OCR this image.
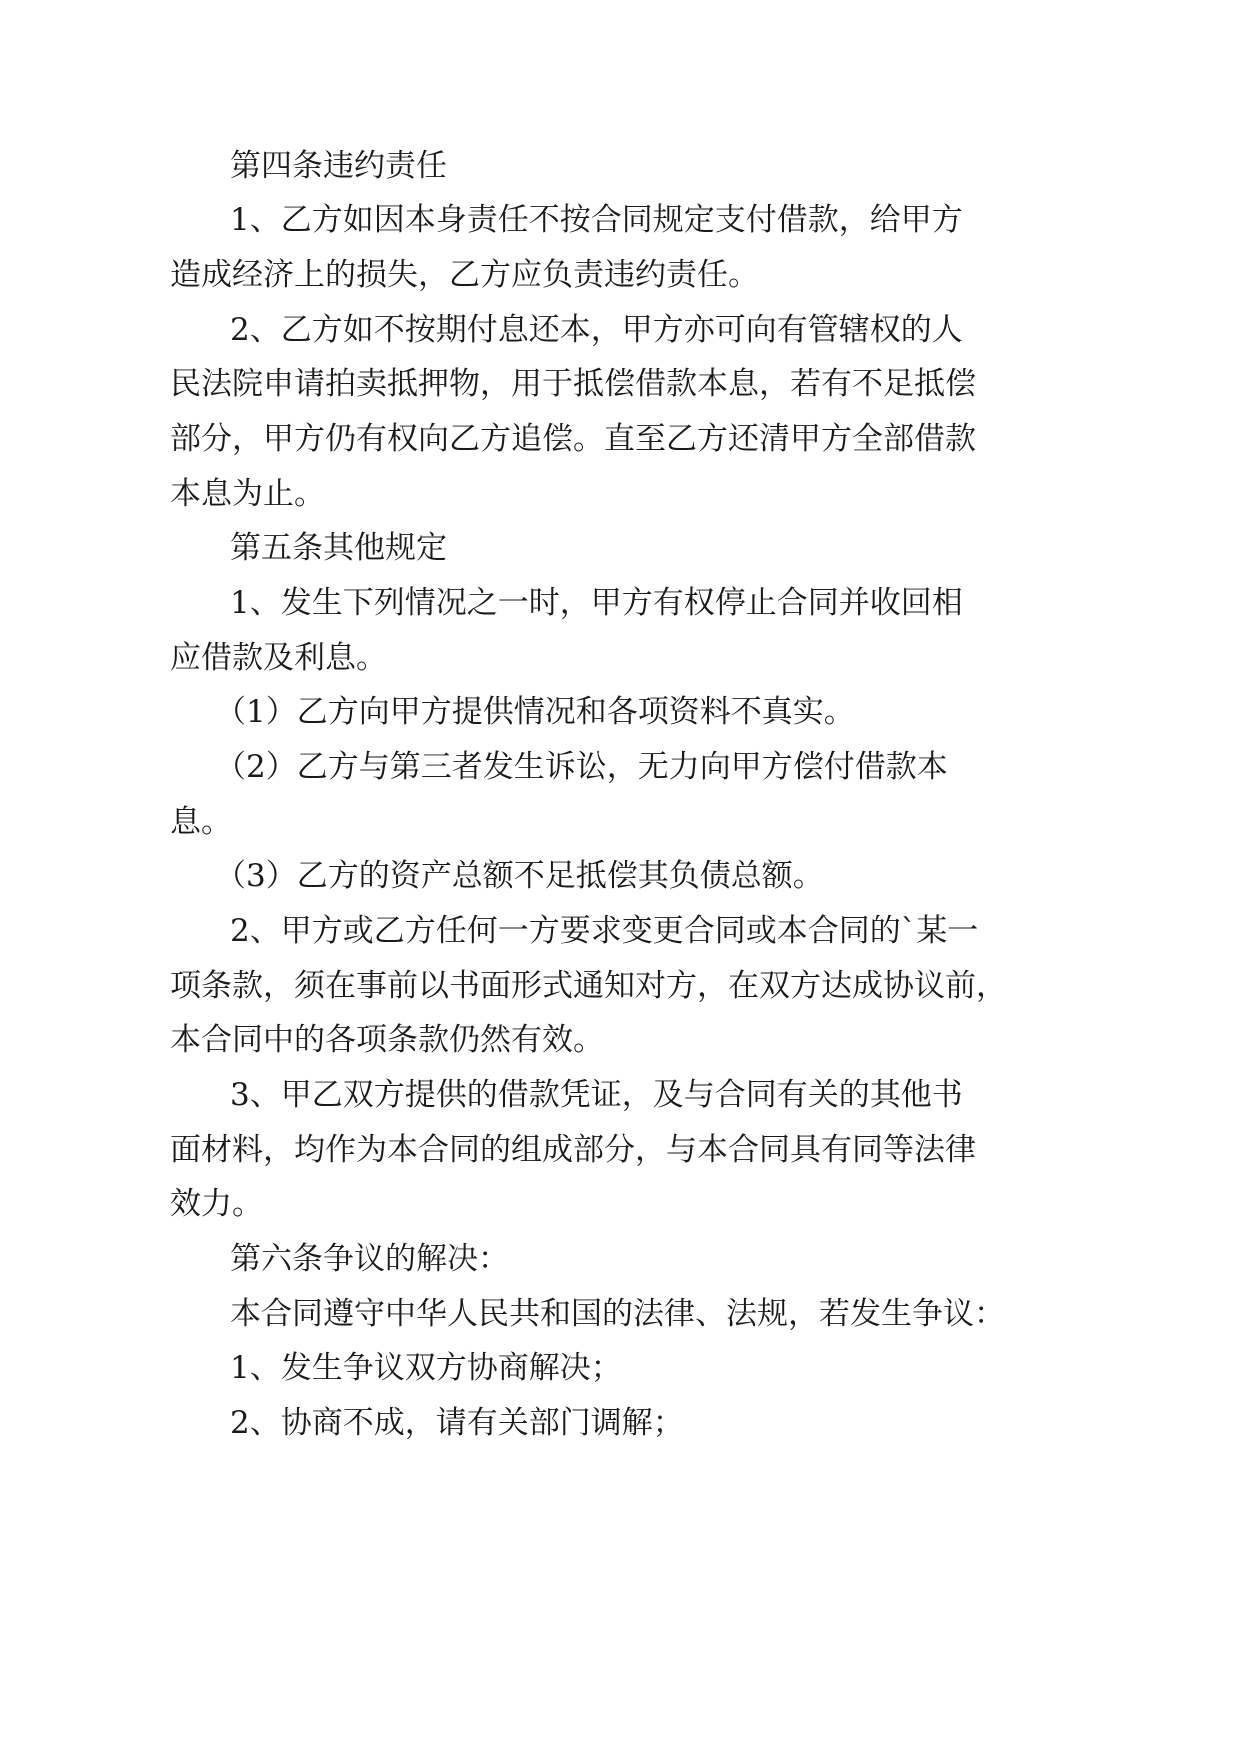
第四条违约责任
1 、 乙 方 如 因 本 身 责 任 不 按 合 同 规 定 支 付 借 款 ， 给 甲 方
造成经济上的损失，乙方应负责违约责任。
2 、 乙 方 如 不 按 期 付 息 还 本 ， 甲 方 亦 可 向 有 管 辖 权 的 人
民 法 院 申 请 拍 卖 抵 押 物 ， 用 于 抵 偿 借 款 本 息 ， 若 有 不 足 抵 偿
部 分 ， 甲 方 仍 有 权 向 乙 方 追 偿 。 直 至 乙 方 还 清 甲 方 全 部 借 款
本息为止。
第五条其他规定
1 、 发 生 下 列 情 况 之 一 时 ， 甲 方 有 权 停 止 合 同 并 收 回 相
应借款及利息。
（1）乙方向甲方提供情况和各项资料不真实。
（ 2 ） 乙 方 与 第 三 者 发 生 诉 讼 ， 无 力 向 甲 方 偿 付 借 款 本
息。
（3）乙方的资产总额不足抵偿其负债总额。
2 、 甲 方 或 乙 方 任 何 一 方 要 求 变 更 合 同 或 本 合 同 的 ` 某 一
项 条 款 ， 须 在 事 前 以 书 面 形 式 通 知 对 方 ， 在 双 方 达 成 协 议 前 ，
本合同中的各项条款仍然有效。
3 、 甲 乙 双 方 提 供 的 借 款 凭 证 ， 及 与 合 同 有 关 的 其 他 书
面 材 料 ， 均 作 为 本 合 同 的 组 成 部 分 ， 与 本 合 同 具 有 同 等 法 律
效力。
第六条争议的解决：
本 合 同 遵 守 中 华 人 民 共 和 国 的 法 律 、 法 规 ， 若 发 生 争 议 ：
1、发生争议双方协商解决；
2、协商不成，请有关部门调解；
